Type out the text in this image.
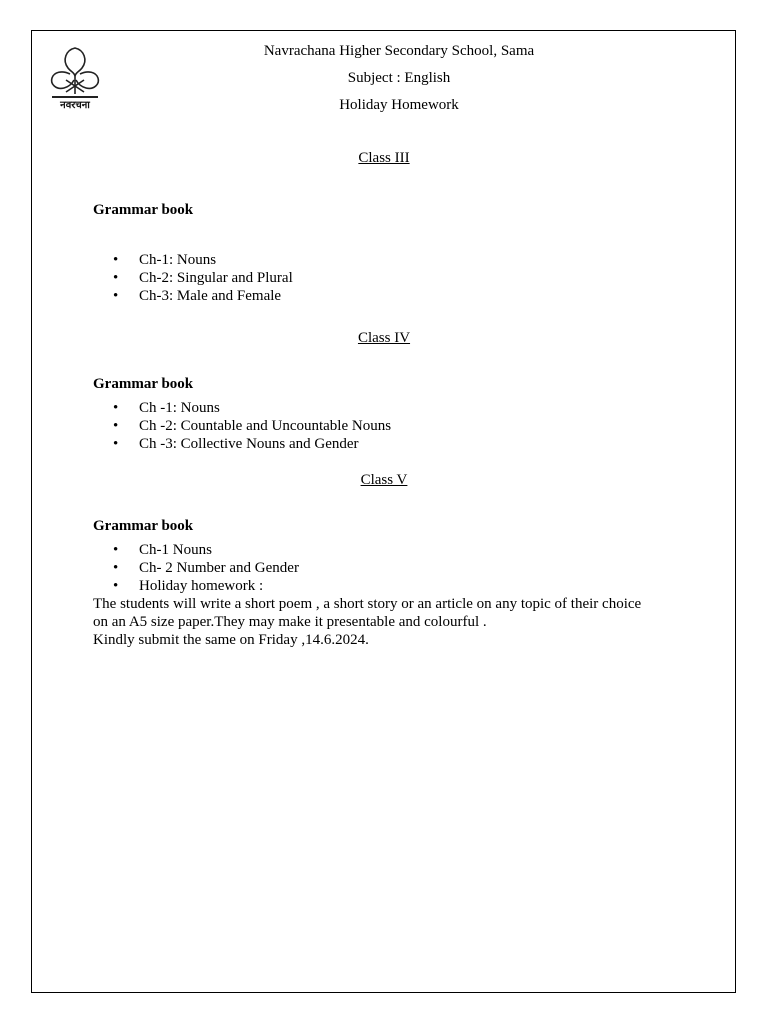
नवरचना
Navrachana Higher Secondary School, Sama
Subject : English
Holiday Homework
Class III
Grammar book
• Ch-1: Nouns
• Ch-2: Singular and Plural
• Ch-3: Male and Female
Class IV
Grammar book
• Ch -1: Nouns
• Ch -2: Countable and Uncountable Nouns
• Ch -3: Collective Nouns and Gender
Class V
Grammar book
• Ch-1 Nouns
• Ch- 2 Number and Gender
• Holiday homework :
The students will write a short poem , a short story or an article on any topic of their choice
on an A5 size paper.They may make it presentable and colourful .
Kindly submit the same on Friday ,14.6.2024.
